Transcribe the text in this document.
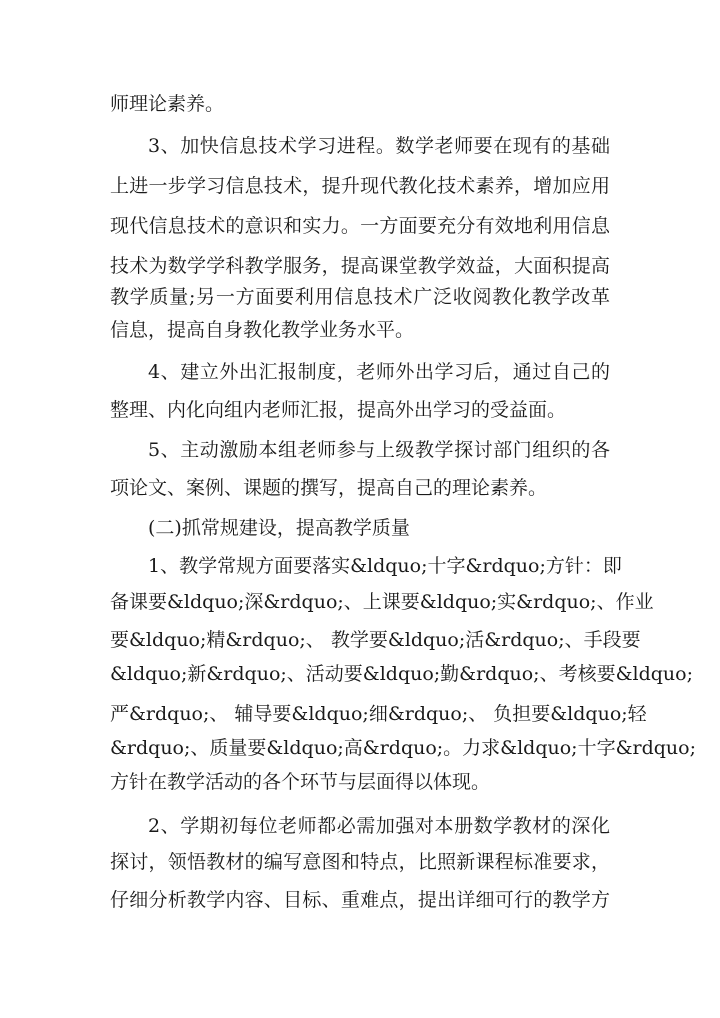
师理论素养。
3、加快信息技术学习进程。数学老师要在现有的基础
上进一步学习信息技术，提升现代教化技术素养，增加应用
现代信息技术的意识和实力。一方面要充分有效地利用信息
技术为数学学科教学服务，提高课堂教学效益，大面积提高
教学质量;另一方面要利用信息技术广泛收阅教化教学改革
信息，提高自身教化教学业务水平。
4、建立外出汇报制度，老师外出学习后，通过自己的
整理、内化向组内老师汇报，提高外出学习的受益面。
5、主动激励本组老师参与上级教学探讨部门组织的各
项论文、案例、课题的撰写，提高自己的理论素养。
(二)抓常规建设，提高教学质量
1、教学常规方面要落实&ldquo;十字&rdquo;方针：即
备课要&ldquo;深&rdquo;、上课要&ldquo;实&rdquo;、作业
要&ldquo;精&rdquo;、 教学要&ldquo;活&rdquo;、手段要
&ldquo;新&rdquo;、活动要&ldquo;勤&rdquo;、考核要&ldquo;
严&rdquo;、 辅导要&ldquo;细&rdquo;、 负担要&ldquo;轻
&rdquo;、质量要&ldquo;高&rdquo;。力求&ldquo;十字&rdquo;
方针在教学活动的各个环节与层面得以体现。
2、学期初每位老师都必需加强对本册数学教材的深化
探讨，领悟教材的编写意图和特点，比照新课程标准要求，
仔细分析教学内容、目标、重难点，提出详细可行的教学方
